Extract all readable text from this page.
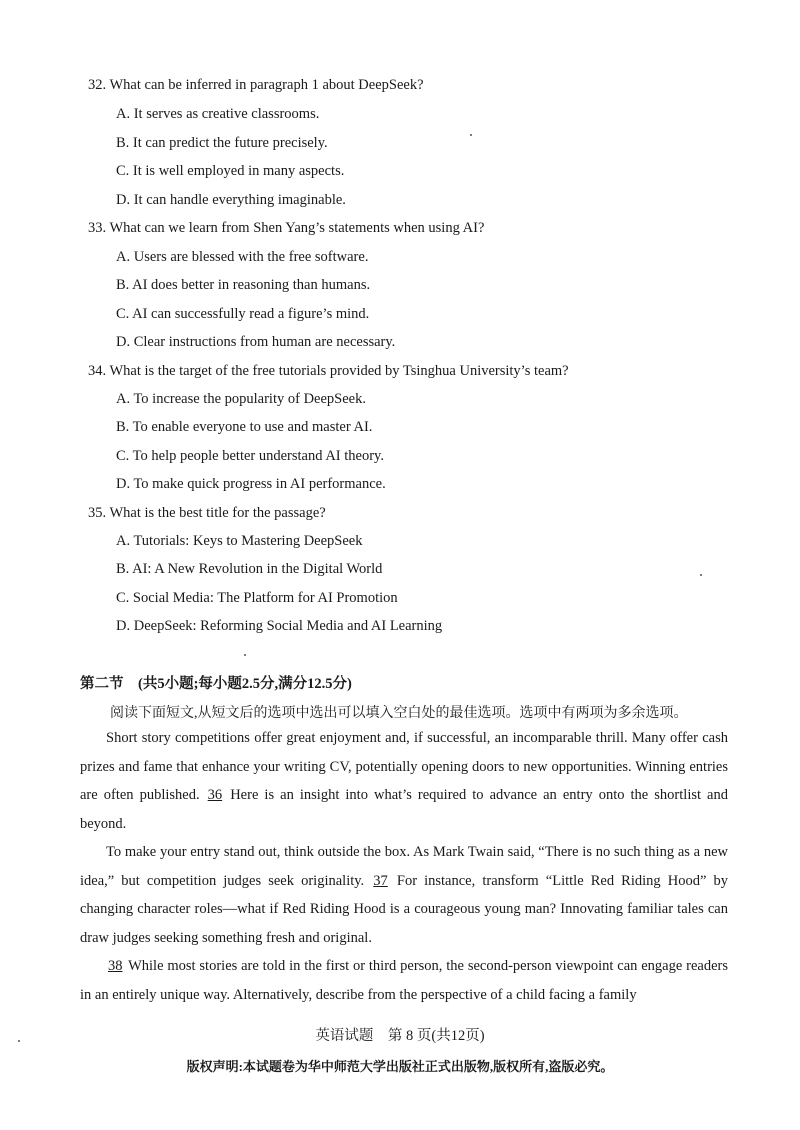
32. What can be inferred in paragraph 1 about DeepSeek?
A. It serves as creative classrooms.
B. It can predict the future precisely.
C. It is well employed in many aspects.
D. It can handle everything imaginable.
33. What can we learn from Shen Yang’s statements when using AI?
A. Users are blessed with the free software.
B. AI does better in reasoning than humans.
C. AI can successfully read a figure’s mind.
D. Clear instructions from human are necessary.
34. What is the target of the free tutorials provided by Tsinghua University’s team?
A. To increase the popularity of DeepSeek.
B. To enable everyone to use and master AI.
C. To help people better understand AI theory.
D. To make quick progress in AI performance.
35. What is the best title for the passage?
A. Tutorials: Keys to Mastering DeepSeek
B. AI: A New Revolution in the Digital World
C. Social Media: The Platform for AI Promotion
D. DeepSeek: Reforming Social Media and AI Learning
第二节　(共5小题;每小题2.5分,满分12.5分)
阅读下面短文,从短文后的选项中选出可以填入空白处的最佳选项。选项中有两项为多余选项。
Short story competitions offer great enjoyment and, if successful, an incomparable thrill. Many offer cash prizes and fame that enhance your writing CV, potentially opening doors to new opportunities. Winning entries are often published. 36 Here is an insight into what’s required to advance an entry onto the shortlist and beyond.
To make your entry stand out, think outside the box. As Mark Twain said, “There is no such thing as a new idea,” but competition judges seek originality. 37 For instance, transform “Little Red Riding Hood” by changing character roles—what if Red Riding Hood is a courageous young man? Innovating familiar tales can draw judges seeking something fresh and original.
38 While most stories are told in the first or third person, the second-person viewpoint can engage readers in an entirely unique way. Alternatively, describe from the perspective of a child facing a family
英语试题　第 8 页(共12页)
版权声明:本试题卷为华中师范大学出版社正式出版物,版权所有,盗版必究。
